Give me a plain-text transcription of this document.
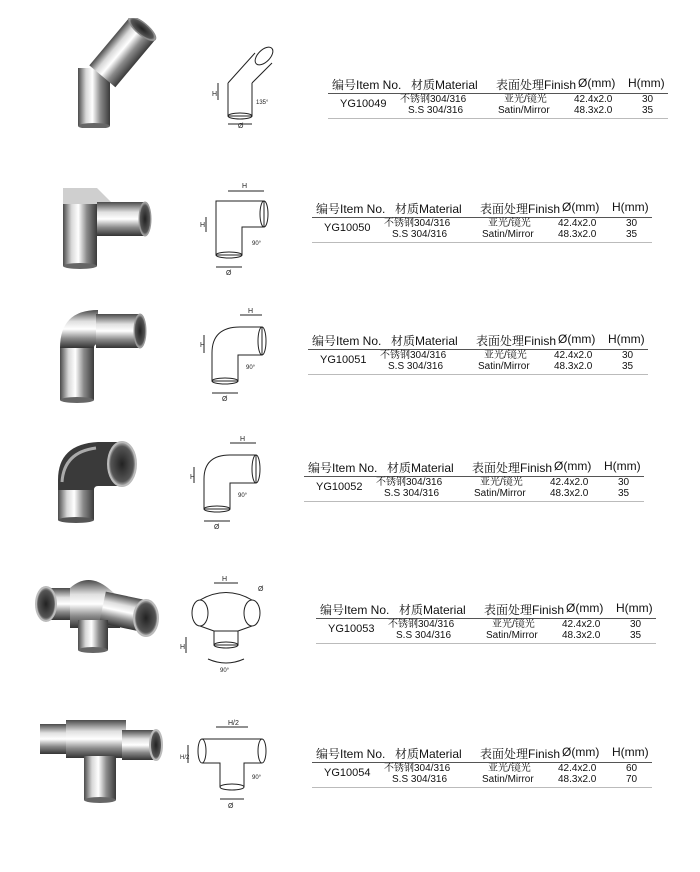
H
Ø
135°
编号Item No. 材质Material 表面处理Finish Ø(mm) H(mm)
YG10049 不锈钢304/316
S.S 304/316
亚光/镜光
Satin/Mirror
42.4x2.0
48.3x2.0
30
35
H
H
Ø
90°
编号Item No. 材质Material 表面处理Finish Ø(mm) H(mm)
YG10050 不锈钢304/316
S.S 304/316
亚光/镜光
Satin/Mirror
42.4x2.0
48.3x2.0
30
35
H
H
Ø
90°
编号Item No. 材质Material 表面处理Finish Ø(mm) H(mm)
YG10051 不锈钢304/316
S.S 304/316
亚光/镜光
Satin/Mirror
42.4x2.0
48.3x2.0
30
35
H
H
Ø
90°
编号Item No. 材质Material 表面处理Finish Ø(mm) H(mm)
YG10052 不锈钢304/316
S.S 304/316
亚光/镜光
Satin/Mirror
42.4x2.0
48.3x2.0
30
35
H
Ø
H
90°
编号Item No. 材质Material 表面处理Finish Ø(mm) H(mm)
YG10053 不锈钢304/316
S.S 304/316
亚光/镜光
Satin/Mirror
42.4x2.0
48.3x2.0
30
35
H/2
H/2
Ø
90°
编号Item No. 材质Material 表面处理Finish Ø(mm) H(mm)
YG10054 不锈钢304/316
S.S 304/316
亚光/镜光
Satin/Mirror
42.4x2.0
48.3x2.0
60
70
